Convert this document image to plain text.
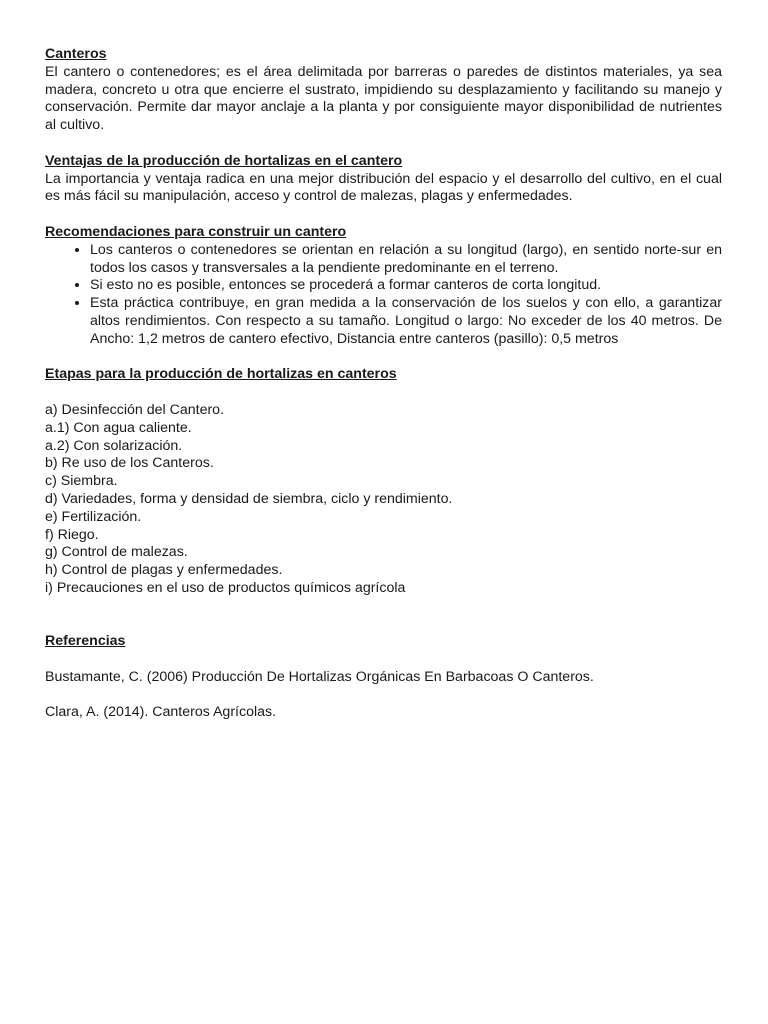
Canteros

El cantero o contenedores; es el área delimitada por barreras o paredes de distintos materiales, ya sea madera, concreto u otra que encierre el sustrato, impidiendo su desplazamiento y facilitando su manejo y conservación. Permite dar mayor anclaje a la planta y por consiguiente mayor disponibilidad de nutrientes al cultivo.

Ventajas de la producción de hortalizas en el cantero

La importancia y ventaja radica en una mejor distribución del espacio y el desarrollo del cultivo, en el cual es más fácil su manipulación, acceso y control de malezas, plagas y enfermedades.

Recomendaciones para construir un cantero

• Los canteros o contenedores se orientan en relación a su longitud (largo), en sentido norte-sur en todos los casos y transversales a la pendiente predominante en el terreno.
• Si esto no es posible, entonces se procederá a formar canteros de corta longitud.
• Esta práctica contribuye, en gran medida a la conservación de los suelos y con ello, a garantizar altos rendimientos. Con respecto a su tamaño. Longitud o largo: No exceder de los 40 metros. De Ancho: 1,2 metros de cantero efectivo, Distancia entre canteros (pasillo): 0,5 metros

Etapas para la producción de hortalizas en canteros

a) Desinfección del Cantero.

a.1) Con agua caliente.

a.2) Con solarización.

b) Re uso de los Canteros.

c) Siembra.

d) Variedades, forma y densidad de siembra, ciclo y rendimiento.

e) Fertilización.

f) Riego.

g) Control de malezas.

h) Control de plagas y enfermedades.

i) Precauciones en el uso de productos químicos agrícola

Referencias

Bustamante, C. (2006) Producción De Hortalizas Orgánicas En Barbacoas O Canteros.

Clara, A. (2014). Canteros Agrícolas.
